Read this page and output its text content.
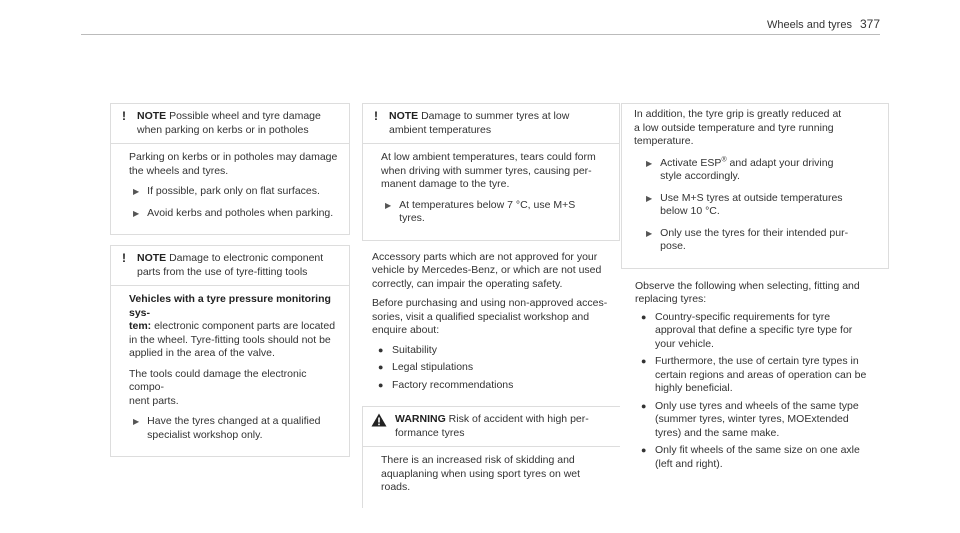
Wheels and tyres 377
! NOTE Possible wheel and tyre damage
when parking on kerbs or in potholes

Parking on kerbs or in potholes may damage
the wheels and tyres.

▶ If possible, park only on flat surfaces.
▶ Avoid kerbs and potholes when parking.
! NOTE Damage to electronic component
parts from the use of tyre-fitting tools

Vehicles with a tyre pressure monitoring sys-
tem: electronic component parts are located
in the wheel. Tyre-fitting tools should not be
applied in the area of the valve.

The tools could damage the electronic compo-
nent parts.

▶ Have the tyres changed at a qualified
specialist workshop only.
! NOTE Damage to summer tyres at low
ambient temperatures

At low ambient temperatures, tears could form
when driving with summer tyres, causing per-
manent damage to the tyre.

▶ At temperatures below 7 °C, use M+S
tyres.

Accessory parts which are not approved for your
vehicle by Mercedes-Benz, or which are not used
correctly, can impair the operating safety.

Before purchasing and using non-approved acces-
sories, visit a qualified specialist workshop and
enquire about:

● Suitability
● Legal stipulations
● Factory recommendations
WARNING Risk of accident with high per-
formance tyres

There is an increased risk of skidding and
aquaplaning when using sport tyres on wet
roads.

In addition, the tyre grip is greatly reduced at
a low outside temperature and tyre running
temperature.

▶ Activate ESP® and adapt your driving
style accordingly.
▶ Use M+S tyres at outside temperatures
below 10 °C.
▶ Only use the tyres for their intended pur-
pose.

Observe the following when selecting, fitting and
replacing tyres:

● Country-specific requirements for tyre
approval that define a specific tyre type for
your vehicle.
● Furthermore, the use of certain tyre types in
certain regions and areas of operation can be
highly beneficial.
● Only use tyres and wheels of the same type
(summer tyres, winter tyres, MOExtended
tyres) and the same make.
● Only fit wheels of the same size on one axle
(left and right).
